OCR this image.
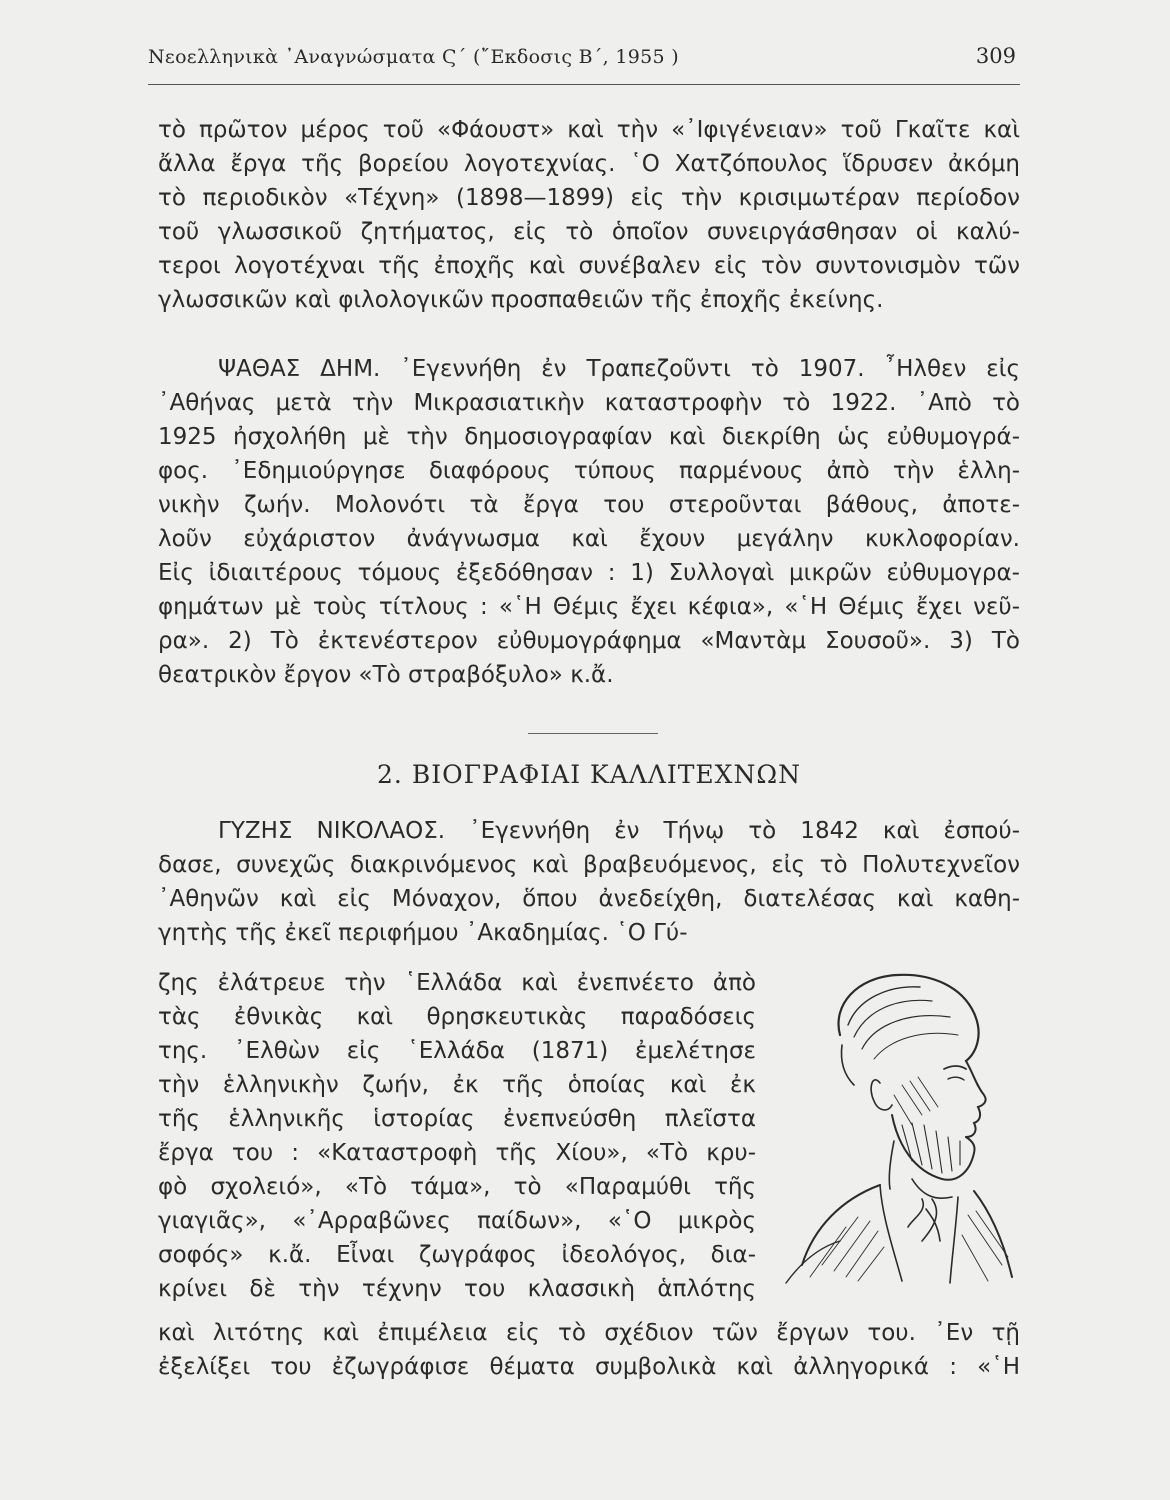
Νεοελληνικὰ ᾿Αναγνώσματα Ϛ΄ (῎Εκδοσις Β΄, 1955 )	309
τὸ πρῶτον μέρος τοῦ «Φάουστ» καὶ τὴν «᾿Ιφιγένειαν» τοῦ Γκαῖτε καὶ
ἄλλα ἔργα τῆς βορείου λογοτεχνίας. ῾Ο Χατζόπουλος ἵδρυσεν ἀκόμη
τὸ περιοδικὸν «Τέχνη» (1898—1899) εἰς τὴν κρισιμωτέραν περίοδον
τοῦ γλωσσικοῦ ζητήματος, εἰς τὸ ὁποῖον συνειργάσθησαν οἱ καλύ-
τεροι λογοτέχναι τῆς ἐποχῆς καὶ συνέβαλεν εἰς τὸν συντονισμὸν τῶν
γλωσσικῶν καὶ φιλολογικῶν προσπαθειῶν τῆς ἐποχῆς ἐκείνης.
ΨΑΘΑΣ ΔΗΜ. ᾿Εγεννήθη ἐν Τραπεζοῦντι τὸ 1907. ῏Ηλθεν εἰς
᾿Αθήνας μετὰ τὴν Μικρασιατικὴν καταστροφὴν τὸ 1922. ᾿Απὸ τὸ
1925 ἠσχολήθη μὲ τὴν δημοσιογραφίαν καὶ διεκρίθη ὡς εὐθυμογρά-
φος. ᾿Εδημιούργησε διαφόρους τύπους παρμένους ἀπὸ τὴν ἑλλη-
νικὴν ζωήν. Μολονότι τὰ ἔργα του στεροῦνται βάθους, ἀποτε-
λοῦν εὐχάριστον ἀνάγνωσμα καὶ ἔχουν μεγάλην κυκλοφορίαν.
Εἰς ἰδιαιτέρους τόμους ἐξεδόθησαν : 1) Συλλογαὶ μικρῶν εὐθυμογρα-
φημάτων μὲ τοὺς τίτλους : «῾Η Θέμις ἔχει κέφια», «῾Η Θέμις ἔχει νεῦ-
ρα». 2) Τὸ ἐκτενέστερον εὐθυμογράφημα «Μαντὰμ Σουσοῦ». 3) Τὸ
θεατρικὸν ἔργον «Τὸ στραβόξυλο» κ.ἄ.
2. ΒΙΟΓΡΑΦΙΑΙ ΚΑΛΛΙΤΕΧΝΩΝ
ΓΥΖΗΣ ΝΙΚΟΛΑΟΣ. ᾿Εγεννήθη ἐν Τήνῳ τὸ 1842 καὶ ἐσπού-
δασε, συνεχῶς διακρινόμενος καὶ βραβευόμενος, εἰς τὸ Πολυτεχνεῖον
᾿Αθηνῶν καὶ εἰς Μόναχον, ὅπου ἀνεδείχθη, διατελέσας καὶ καθη-
γητὴς τῆς ἐκεῖ περιφήμου ᾿Ακαδημίας. ῾Ο Γύ-
ζης ἐλάτρευε τὴν ῾Ελλάδα καὶ ἐνεπνέετο ἀπὸ
τὰς ἐθνικὰς καὶ θρησκευτικὰς παραδόσεις
της. ᾿Ελθὼν εἰς ῾Ελλάδα (1871) ἐμελέτησε
τὴν ἑλληνικὴν ζωήν, ἐκ τῆς ὁποίας καὶ ἐκ
τῆς ἑλληνικῆς ἱστορίας ἐνεπνεύσθη πλεῖστα
ἔργα του : «Καταστροφὴ τῆς Χίου», «Τὸ κρυ-
φὸ σχολειό», «Τὸ τάμα», τὸ «Παραμύθι τῆς
γιαγιᾶς», «᾿Αρραβῶνες παίδων», «῾Ο μικρὸς
σοφός» κ.ἄ. Εἶναι ζωγράφος ἰδεολόγος, δια-
κρίνει δὲ τὴν τέχνην του κλασσικὴ ἁπλότης
καὶ λιτότης καὶ ἐπιμέλεια εἰς τὸ σχέδιον τῶν ἔργων του. ᾿Εν τῇ
ἐξελίξει του ἐζωγράφισε θέματα συμβολικὰ καὶ ἀλληγορικά : «῾Η
